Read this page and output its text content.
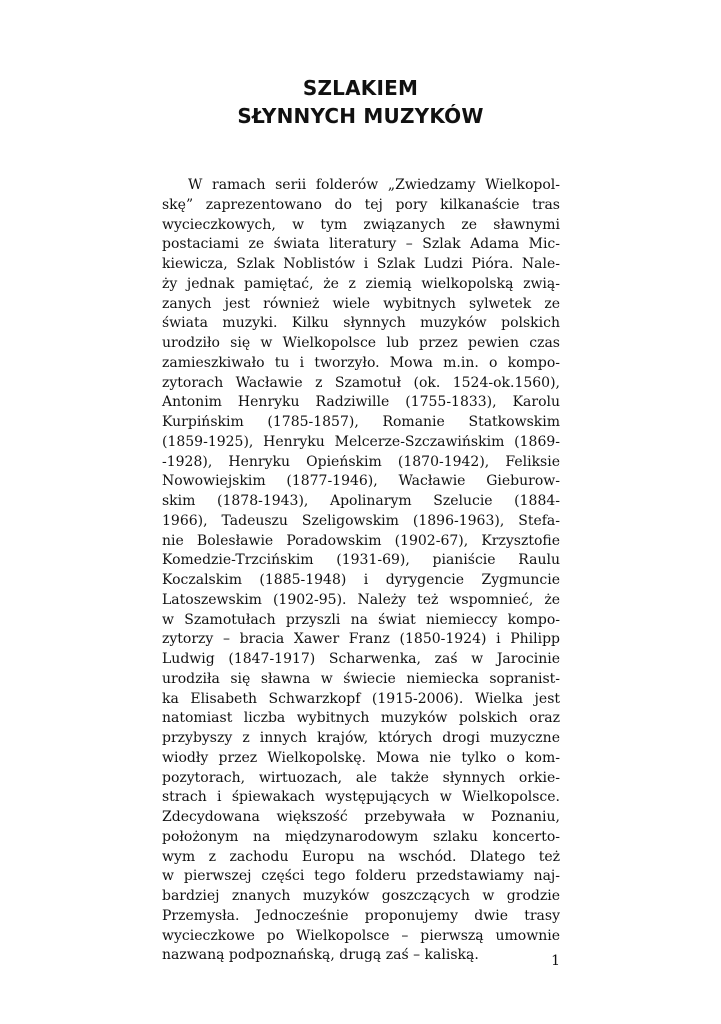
SZLAKIEM
SŁYNNYCH MUZYKÓW

W ramach serii folderów „Zwiedzamy Wielkopol-
skę” zaprezentowano do tej pory kilkanaście tras
wycieczkowych, w tym związanych ze sławnymi
postaciami ze świata literatury – Szlak Adama Mic-
kiewicza, Szlak Noblistów i Szlak Ludzi Pióra. Nale-
ży jednak pamiętać, że z ziemią wielkopolską zwią-
zanych jest również wiele wybitnych sylwetek ze
świata muzyki. Kilku słynnych muzyków polskich
urodziło się w Wielkopolsce lub przez pewien czas
zamieszkiwało tu i tworzyło. Mowa m.in. o kompo-
zytorach Wacławie z Szamotuł (ok. 1524-ok.1560),
Antonim Henryku Radziwille (1755-1833), Karolu
Kurpińskim (1785-1857), Romanie Statkowskim
(1859-1925), Henryku Melcerze-Szczawińskim (1869-
-1928), Henryku Opieńskim (1870-1942), Feliksie
Nowowiejskim (1877-1946), Wacławie Gieburow-
skim (1878-1943), Apolinarym Szelucie (1884-
1966), Tadeuszu Szeligowskim (1896-1963), Stefa-
nie Bolesławie Poradowskim (1902-67), Krzysztofie
Komedzie-Trzcińskim (1931-69), pianiście Raulu
Koczalskim (1885-1948) i dyrygencie Zygmuncie
Latoszewskim (1902-95). Należy też wspomnieć, że
w Szamotułach przyszli na świat niemieccy kompo-
zytorzy – bracia Xawer Franz (1850-1924) i Philipp
Ludwig (1847-1917) Scharwenka, zaś w Jarocinie
urodziła się sławna w świecie niemiecka sopranist-
ka Elisabeth Schwarzkopf (1915-2006). Wielka jest
natomiast liczba wybitnych muzyków polskich oraz
przybyszy z innych krajów, których drogi muzyczne
wiodły przez Wielkopolskę. Mowa nie tylko o kom-
pozytorach, wirtuozach, ale także słynnych orkie-
strach i śpiewakach występujących w Wielkopolsce.
Zdecydowana większość przebywała w Poznaniu,
położonym na międzynarodowym szlaku koncerto-
wym z zachodu Europu na wschód. Dlatego też
w pierwszej części tego folderu przedstawiamy naj-
bardziej znanych muzyków goszczących w grodzie
Przemysła. Jednocześnie proponujemy dwie trasy
wycieczkowe po Wielkopolsce – pierwszą umownie
nazwaną podpoznańską, drugą zaś – kaliską.	1
